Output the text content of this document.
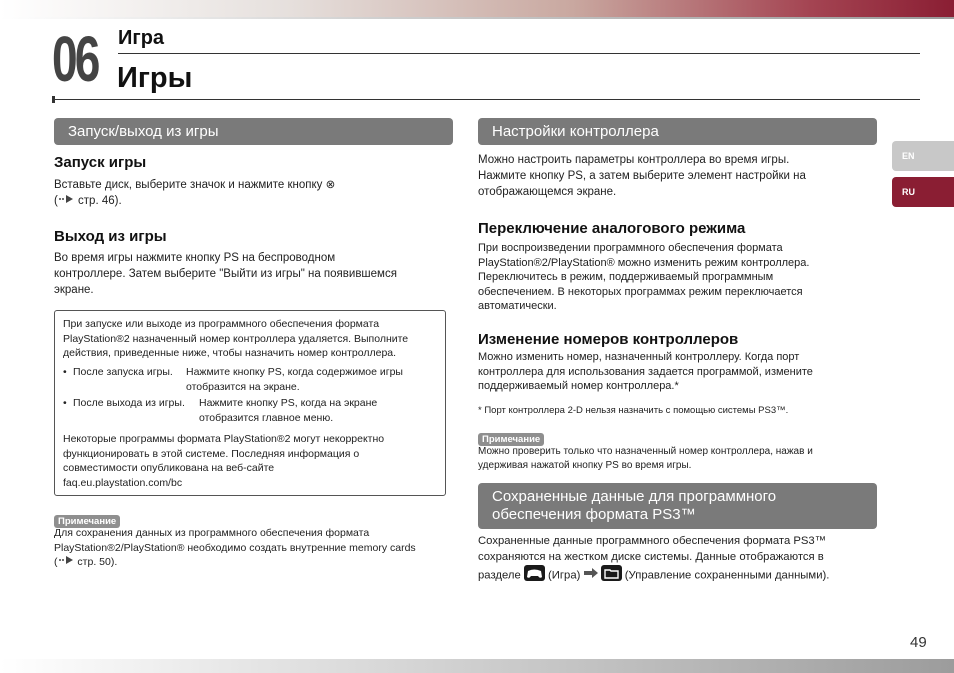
06 Игра
Игры
EN
RU
Запуск/выход из игры
Запуск игры
Вставьте диск, выберите значок и нажмите кнопку ⊗
( стр. 46).
Выход из игры
Во время игры нажмите кнопку PS на беспроводном
контроллере. Затем выберите "Выйти из игры" на появившемся
экране.
При запуске или выходе из программного обеспечения формата
PlayStation®2 назначенный номер контроллера удаляется. Выполните
действия, приведенные ниже, чтобы назначить номер контроллера.
• После запуска игры.	Нажмите кнопку PS, когда содержимое игры
отобразится на экране.
• После выхода из игры.	Нажмите кнопку PS, когда на экране
отобразится главное меню.
Некоторые программы формата PlayStation®2 могут некорректно
функционировать в этой системе. Последняя информация о
совместимости опубликована на веб-сайте
faq.eu.playstation.com/bc
Примечание
Для сохранения данных из программного обеспечения формата
PlayStation®2/PlayStation® необходимо создать внутренние memory cards
( стр. 50).
Настройки контроллера
Можно настроить параметры контроллера во время игры.
Нажмите кнопку PS, а затем выберите элемент настройки на
отображающемся экране.
Переключение аналогового режима
При воспроизведении программного обеспечения формата
PlayStation®2/PlayStation® можно изменить режим контроллера.
Переключитесь в режим, поддерживаемый программным
обеспечением. В некоторых программах режим переключается
автоматически.
Изменение номеров контроллеров
Можно изменить номер, назначенный контроллеру. Когда порт
контроллера для использования задается программой, измените
поддерживаемый номер контроллера.*
* Порт контроллера 2-D нельзя назначить с помощью системы PS3™.
Примечание
Можно проверить только что назначенный номер контроллера, нажав и
удерживая нажатой кнопку PS во время игры.
Сохраненные данные для программного
обеспечения формата PS3™
Сохраненные данные программного обеспечения формата PS3™
сохраняются на жестком диске системы. Данные отображаются в
разделе  (Игра)	(Управление сохраненными данными).
49
